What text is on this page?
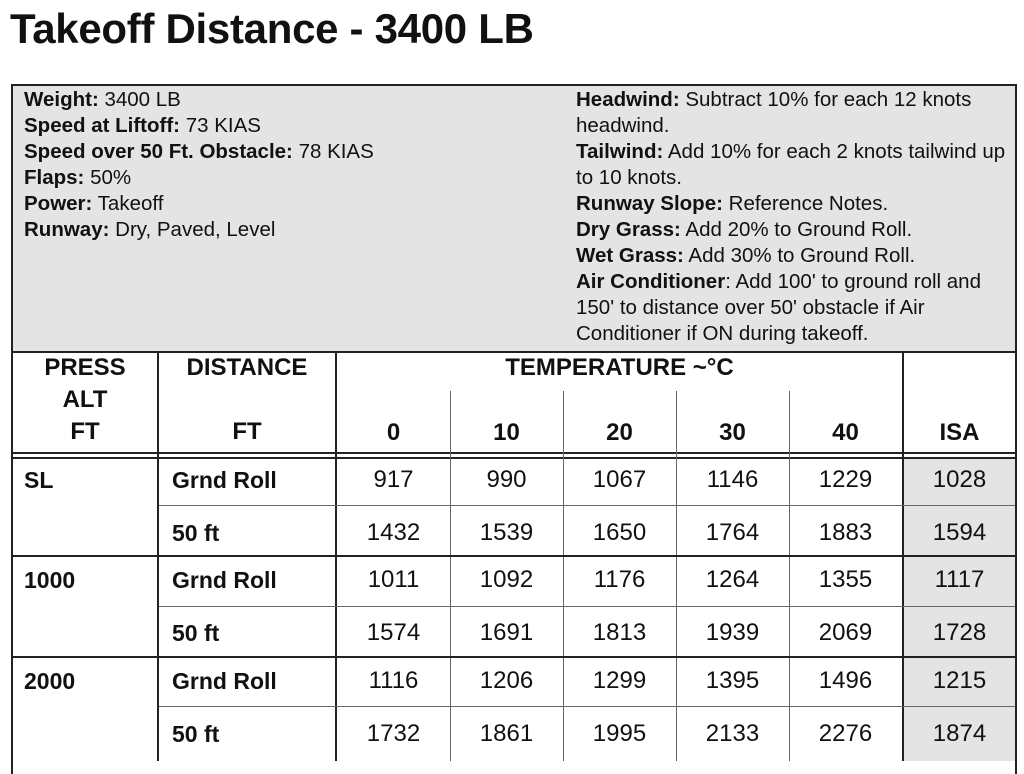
Takeoff Distance - 3400 LB
Weight: 3400 LB
Speed at Liftoff: 73 KIAS
Speed over 50 Ft. Obstacle: 78 KIAS
Flaps: 50%
Power: Takeoff
Runway: Dry, Paved, Level
Headwind: Subtract 10% for each 12 knots headwind.
Tailwind: Add 10% for each 2 knots tailwind up to 10 knots.
Runway Slope: Reference Notes.
Dry Grass: Add 20% to Ground Roll.
Wet Grass: Add 30% to Ground Roll.
Air Conditioner: Add 100' to ground roll and 150' to distance over 50' obstacle if Air Conditioner if ON during takeoff.
PRESS
ALT
FT
DISTANCE
FT
TEMPERATURE ~°C
0	10	20	30	40	ISA
SL	Grnd Roll	917	990	1067	1146	1229	1028
50 ft	1432	1539	1650	1764	1883	1594
1000	Grnd Roll	1011	1092	1176	1264	1355	1117
50 ft	1574	1691	1813	1939	2069	1728
2000	Grnd Roll	1116	1206	1299	1395	1496	1215
50 ft	1732	1861	1995	2133	2276	1874
